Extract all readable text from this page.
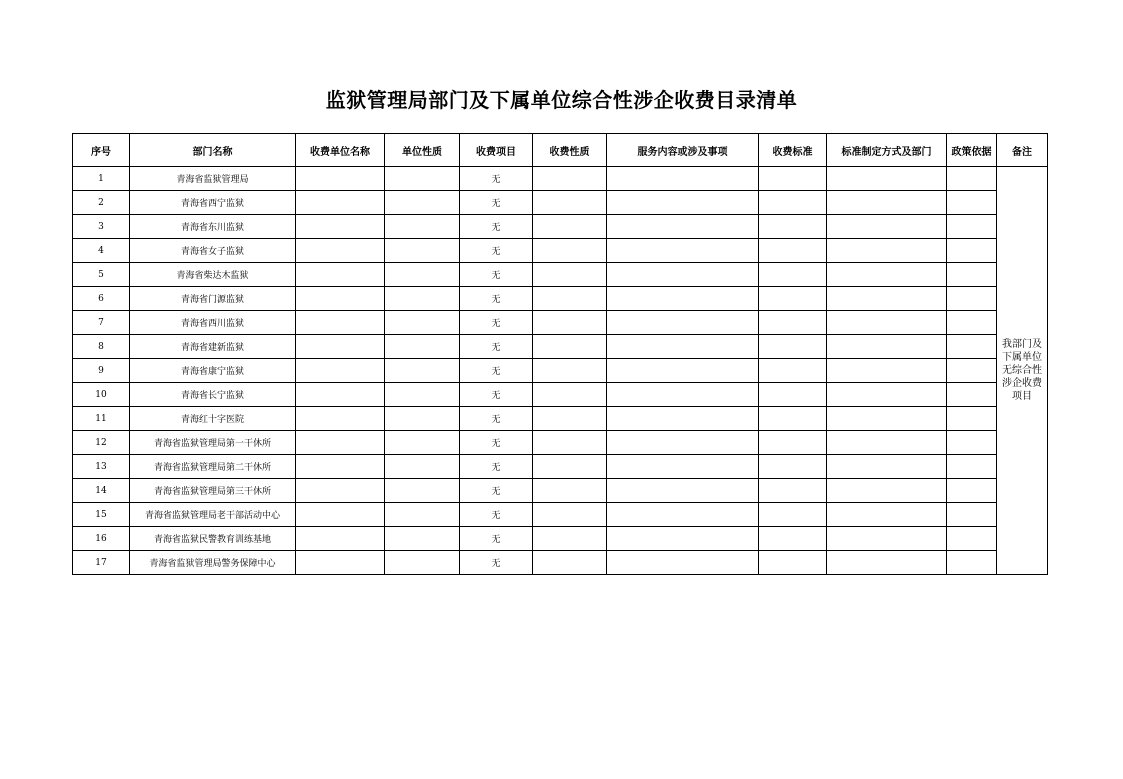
监狱管理局部门及下属单位综合性涉企收费目录清单
序号	部门名称	收费单位名称	单位性质	收费项目	收费性质	服务内容或涉及事项	收费标准	标准制定方式及部门	政策依据	备注
1	青海省监狱管理局			无						我部门及下属单位无综合性涉企收费项目
2	青海省西宁监狱			无						
3	青海省东川监狱			无						
4	青海省女子监狱			无						
5	青海省柴达木监狱			无						
6	青海省门源监狱			无						
7	青海省西川监狱			无						
8	青海省建新监狱			无						
9	青海省康宁监狱			无						
10	青海省长宁监狱			无						
11	青海红十字医院			无						
12	青海省监狱管理局第一干休所			无						
13	青海省监狱管理局第二干休所			无						
14	青海省监狱管理局第三干休所			无						
15	青海省监狱管理局老干部活动中心			无						
16	青海省监狱民警教育训练基地			无						
17	青海省监狱管理局警务保障中心			无						
